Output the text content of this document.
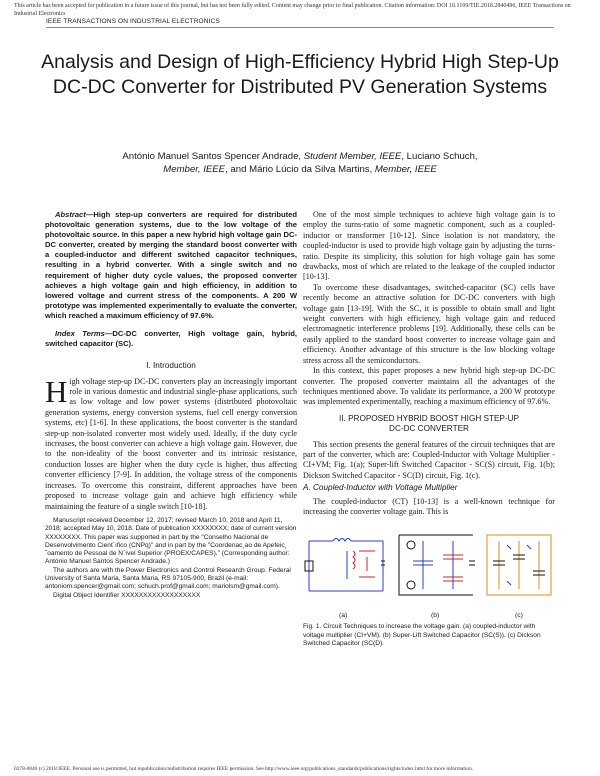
This article has been accepted for publication in a future issue of this journal, but has not been fully edited. Content may change prior to final publication. Citation information: DOI 10.1109/TIE.2018.2840496, IEEE Transactions on Industrial Electronics
IEEE TRANSACTIONS ON INDUSTRIAL ELECTRONICS
Analysis and Design of High-Efficiency Hybrid High Step-Up DC-DC Converter for Distributed PV Generation Systems
António Manuel Santos Spencer Andrade, Student Member, IEEE, Luciano Schuch,
Member, IEEE, and Mário Lúcio da Silva Martins, Member, IEEE

Abstract—High step-up converters are required for distributed photovoltaic generation systems, due to the low voltage of the photovoltaic source. In this paper a new hybrid high voltage gain DC-DC converter, created by merging the standard boost converter with a coupled-inductor and different switched capacitor techniques, resulting in a hybrid converter. With a single switch and no requirement of higher duty cycle values, the proposed converter achieves a high voltage gain and high efficiency, in addition to lowered voltage and current stress of the components. A 200 W prototype was implemented experimentally to evaluate the converter, which reached a maximum efficiency of 97.6%.

Index Terms—DC-DC converter, High voltage gain, hybrid, switched capacitor (SC).

I. Introduction

High voltage step-up DC-DC converters play an increasingly important role in various domestic and industrial single-phase applications, such as low voltage and low power systems (distributed photovoltaic generation systems, energy conversion systems, fuel cell energy conversion systems, etc) [1-6]. In these applications, the boost converter is the standard step-up non-isolated converter most widely used. Ideally, if the duty cycle increases, the boost converter can achieve a high voltage gain. However, due to the non-ideality of the boost converter and its intrinsic resistance, conduction losses are higher when the duty cycle is higher, thus affecting converter efficiency [7-9]. In addition, the voltage stress of the components increases. To overcome this constraint, different approaches have been proposed to increase voltage gain and achieve high efficiency while maintaining the feature of a single switch [10-18].

Manuscript received December 12, 2017; revised March 10, 2018 and April 11, 2018; accepted May 10, 2018. Date of publication XXXXXXXX; date of current version XXXXXXXX. This paper was supported in part by the "Conselho Nacional de Desenvolvimento Cient´ıfico (CNPq)" and in part by the "Coordenac¸ao de Apefeic¸ ˜oamento de Pessoal de N´ıvel Superior (PROEX/CAPES)." (Corresponding author: António Manuel Santos Spencer Andrade.)

The authors are with the Power Electronics and Control Research Group. Federal University of Santa Maria, Santa Maria, RS 97105-900, Brazil (e-mail: antoniom.spencer@gmail.com; schuch.prof@gmail.com; mariolsm@gmail.com).

Digital Object Identifier XXXXXXXXXXXXXXXXXX

One of the most simple techniques to achieve high voltage gain is to employ the turns-ratio of some magnetic component, such as a coupled-inductor or transformer [10-12]. Since isolation is not mandatory, the coupled-inductor is used to provide high voltage gain by adjusting the turns-ratio. Despite its simplicity, this solution for high voltage gain has some drawbacks, most of which are related to the leakage of the coupled inductor [10-13].

To overcome these disadvantages, switched-capacitor (SC) cells have recently become an attractive solution for DC-DC converters with high voltage gain [13-19]. With the SC, it is possible to obtain small and light weight converters with high efficiency, high voltage gain and reduced electromagnetic interference problems [19]. Additionally, these cells can be easily applied to the standard boost converter to increase voltage gain and efficiency. Another advantage of this structure is the low blocking voltage stress across all the semiconductors.

In this context, this paper proposes a new hybrid high step-up DC-DC converter. The proposed converter maintains all the advantages of the techniques mentioned above. To validate its performance, a 200 W prototype was implemented experimentally, reaching a maximum efficiency of 97.6%.

II. PROPOSED HYBRID BOOST HIGH STEP-UP
DC-DC CONVERTER

This section presents the general features of the circuit techniques that are part of the converter, which are: Coupled-Inductor with Voltage Multiplier - CI+VM; Fig. 1(a); Super-lift Switched Capacitor - SC(S) circuit, Fig. 1(b); Dickson Switched Capacitor - SC(D) circuit, Fig. 1(c).

A. Coupled-Inductor with Voltage Multiplier

The coupled-inductor (CT) [10-13] is a well-known technique for increasing the converter voltage gain. This is

(a)	(b)	(c)
Fig. 1. Circuit Techniques to increase the voltage gain. (a) coupled-inductor with voltage multiplier (CI+VM). (b) Super-Lift Switched Capacitor (SC(S)). (c) Dickson Switched Capacitor (SC(D).
0278-0046 (c) 2018 IEEE. Personal use is permitted, but republication/redistribution requires IEEE permission. See http://www.ieee.org/publications_standards/publications/rights/index.html for more information.
